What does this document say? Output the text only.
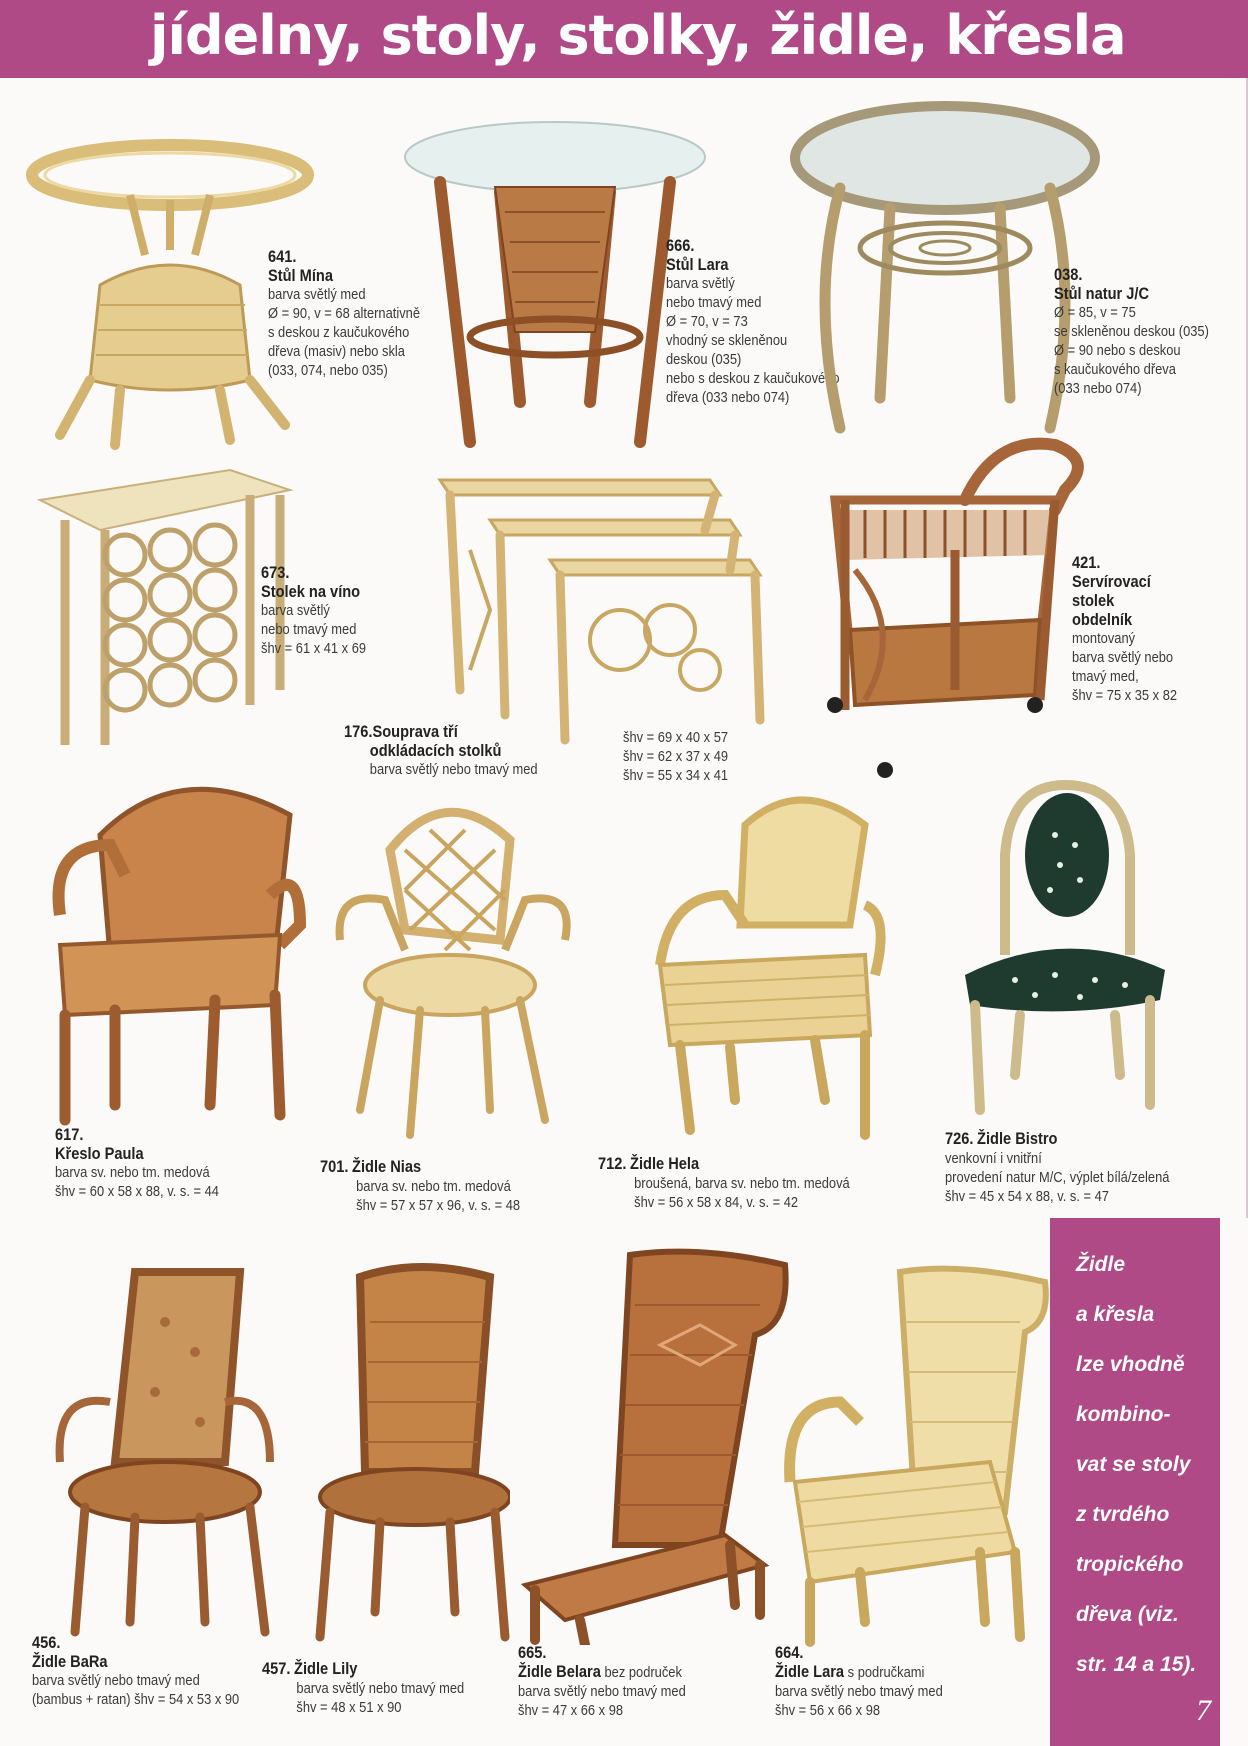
jídelny, stoly, stolky, židle, křesla
641.
Stůl Mína
barva světlý med
Ø = 90, v = 68 alternativně
s deskou z kaučukového
dřeva (masiv) nebo skla
(033, 074, nebo 035)
666.
Stůl Lara
barva světlý
nebo tmavý med
Ø = 70, v = 73
vhodný se skleněnou
deskou (035)
nebo s deskou z kaučukového
dřeva (033 nebo 074)
038.
Stůl natur J/C
Ø = 85, v = 75
se skleněnou deskou (035)
Ø = 90 nebo s deskou
s kaučukového dřeva
(033 nebo 074)
673.
Stolek na víno
barva světlý
nebo tmavý med
šhv = 61 x 41 x 69
176.Souprava tří
odkládacích stolků
barva světlý nebo tmavý med
šhv = 69 x 40 x 57
šhv = 62 x 37 x 49
šhv = 55 x 34 x 41
421.
Servírovací
stolek
obdelník
montovaný
barva světlý nebo
tmavý med,
šhv = 75 x 35 x 82
617.
Křeslo Paula
barva sv. nebo tm. medová
šhv = 60 x 58 x 88, v. s. = 44
701. Židle Nias
barva sv. nebo tm. medová
šhv = 57 x 57 x 96, v. s. = 48
712. Židle Hela
broušená, barva sv. nebo tm. medová
šhv = 56 x 58 x 84, v. s. = 42
726. Židle Bistro
venkovní i vnitřní
provedení natur M/C, výplet bílá/zelená
šhv = 45 x 54 x 88, v. s. = 47
456.
Židle BaRa
barva světlý nebo tmavý med
(bambus + ratan) šhv = 54 x 53 x 90
457. Židle Lily
barva světlý nebo tmavý med
šhv = 48 x 51 x 90
665.
Židle Belara bez područek
barva světlý nebo tmavý med
šhv = 47 x 66 x 98
664.
Židle Lara s područkami
barva světlý nebo tmavý med
šhv = 56 x 66 x 98
Židle
a křesla
lze vhodně
kombino-
vat se stoly
z tvrdého
tropického
dřeva (viz.
str. 14 a 15).
7
